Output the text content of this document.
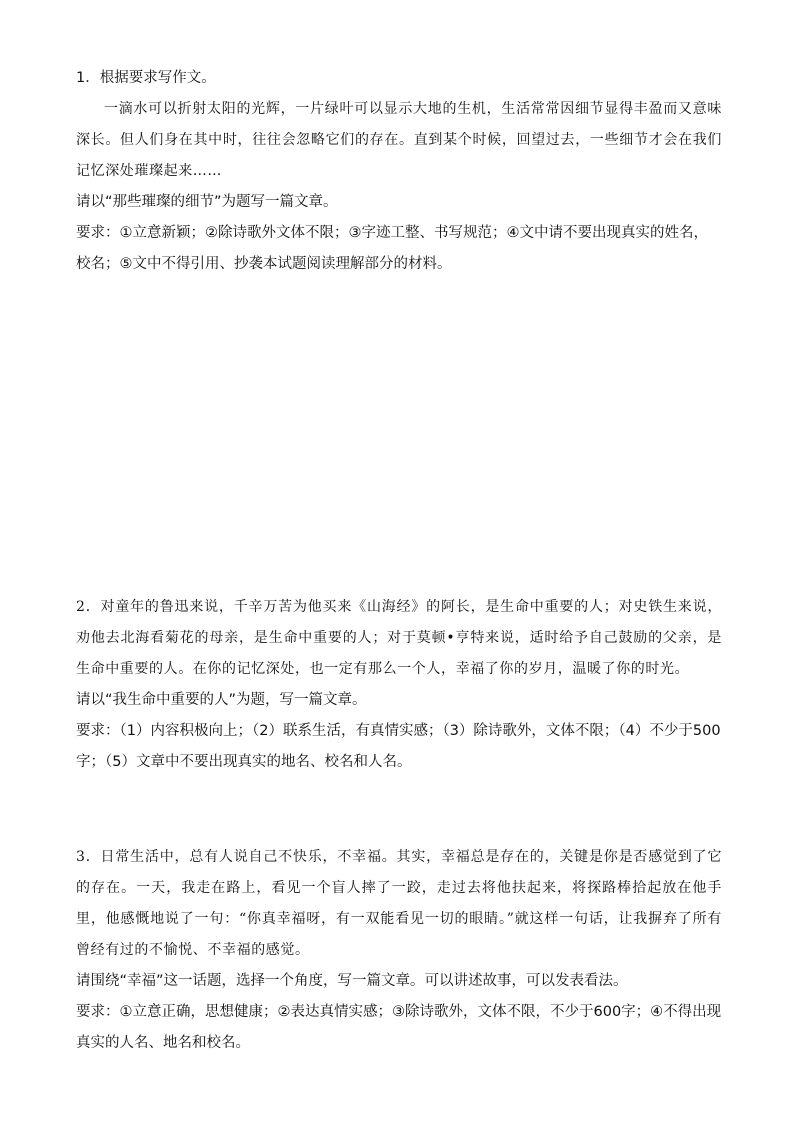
1．根据要求写作文。

一滴水可以折射太阳的光辉，一片绿叶可以显示大地的生机，生活常常因细节显得丰盈而又意味深长。但人们身在其中时，往往会忽略它们的存在。直到某个时候，回望过去，一些细节才会在我们记忆深处璀璨起来……

请以“那些璀璨的细节”为题写一篇文章。

要求：①立意新颖；②除诗歌外文体不限；③字迹工整、书写规范；④文中请不要出现真实的姓名，校名；⑤文中不得引用、抄袭本试题阅读理解部分的材料。

2．对童年的鲁迅来说，千辛万苦为他买来《山海经》的阿长，是生命中重要的人；对史铁生来说，劝他去北海看菊花的母亲，是生命中重要的人；对于莫顿•亨特来说，适时给予自己鼓励的父亲，是生命中重要的人。在你的记忆深处，也一定有那么一个人，幸福了你的岁月，温暖了你的时光。

请以“我生命中重要的人”为题，写一篇文章。

要求：（1）内容积极向上；（2）联系生活，有真情实感；（3）除诗歌外，文体不限；（4）不少于500字；（5）文章中不要出现真实的地名、校名和人名。

3．日常生活中，总有人说自己不快乐，不幸福。其实，幸福总是存在的，关键是你是否感觉到了它的存在。一天，我走在路上，看见一个盲人摔了一跤，走过去将他扶起来，将探路棒拾起放在他手里，他感慨地说了一句：“你真幸福呀，有一双能看见一切的眼睛。”就这样一句话，让我摒弃了所有曾经有过的不愉悦、不幸福的感觉。

请围绕“幸福”这一话题，选择一个角度，写一篇文章。可以讲述故事，可以发表看法。

要求：①立意正确，思想健康；②表达真情实感；③除诗歌外，文体不限，不少于600字；④不得出现真实的人名、地名和校名。
